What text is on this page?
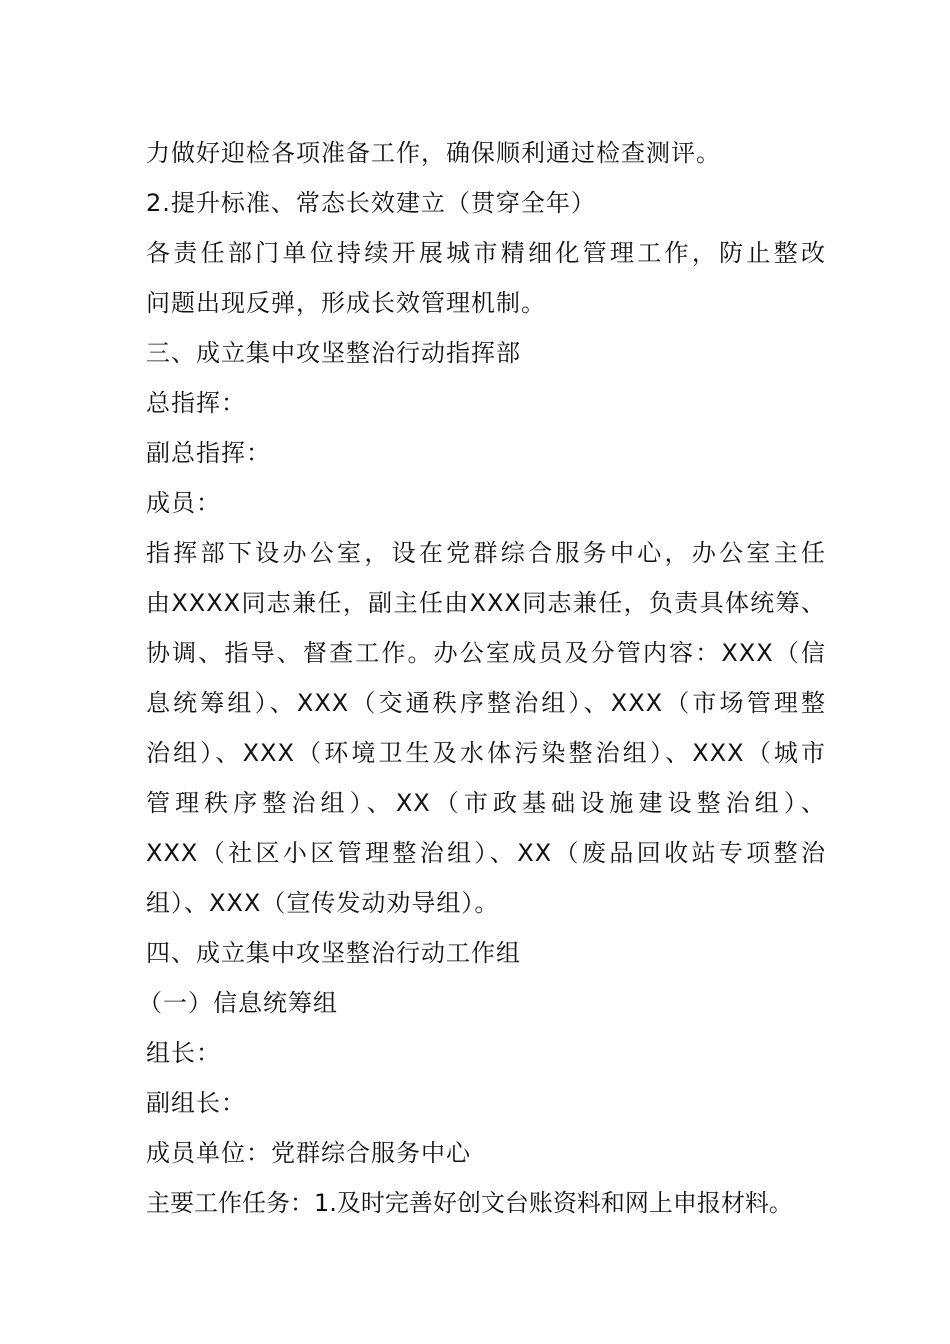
力做好迎检各项准备工作，确保顺利通过检查测评。

2.提升标准、常态长效建立（贯穿全年）

各责任部门单位持续开展城市精细化管理工作，防止整改

问题出现反弹，形成长效管理机制。

三、成立集中攻坚整治行动指挥部

总指挥：

副总指挥：

成员：

指挥部下设办公室，设在党群综合服务中心，办公室主任

由XXXX同志兼任，副主任由XXX同志兼任，负责具体统筹、

协调、指导、督查工作。办公室成员及分管内容：XXX（信

息统筹组）、XXX（交通秩序整治组）、XXX（市场管理整

治组）、XXX（环境卫生及水体污染整治组）、XXX（城市

管理秩序整治组）、XX（市政基础设施建设整治组）、

XXX（社区小区管理整治组）、XX（废品回收站专项整治

组）、XXX（宣传发动劝导组）。

四、成立集中攻坚整治行动工作组

（一）信息统筹组

组长：

副组长：

成员单位：党群综合服务中心

主要工作任务：1.及时完善好创文台账资料和网上申报材料。
